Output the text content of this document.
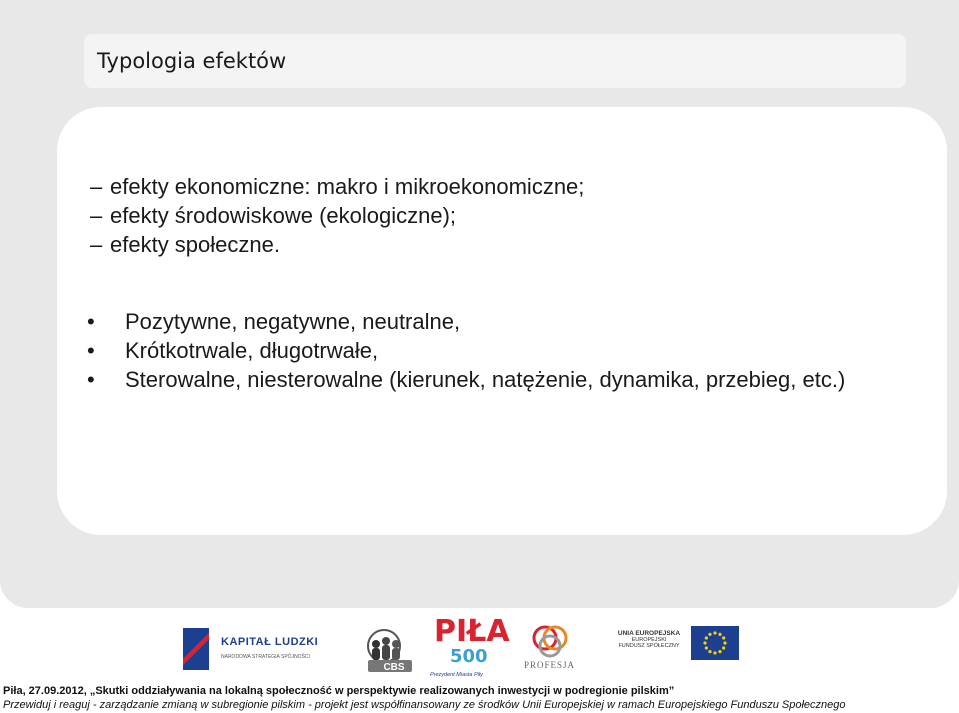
Typologia efektów
– efekty ekonomiczne: makro i mikroekonomiczne;
– efekty środowiskowe (ekologiczne);
– efekty społeczne.
• Pozytywne, negatywne, neutralne,
• Krótkotrwale, długotrwałe,
• Sterowalne, niesterowalne (kierunek, natężenie, dynamika, przebieg, etc.)
KAPITAŁ LUDZKI
NARODOWA STRATEGIA SPÓJNOŚCI
CBS
PIŁA
500
Prezydent Miasta Piły
PROFESJA
UNIA EUROPEJSKA
EUROPEJSKI
FUNDUSZ SPOŁECZNY
Piła, 27.09.2012, „Skutki oddziaływania na lokalną społeczność w perspektywie realizowanych inwestycji w podregionie pilskim”
Przewiduj i reaguj - zarządzanie zmianą w subregionie pilskim - projekt jest współfinansowany ze środków Unii Europejskiej w ramach Europejskiego Funduszu Społecznego
